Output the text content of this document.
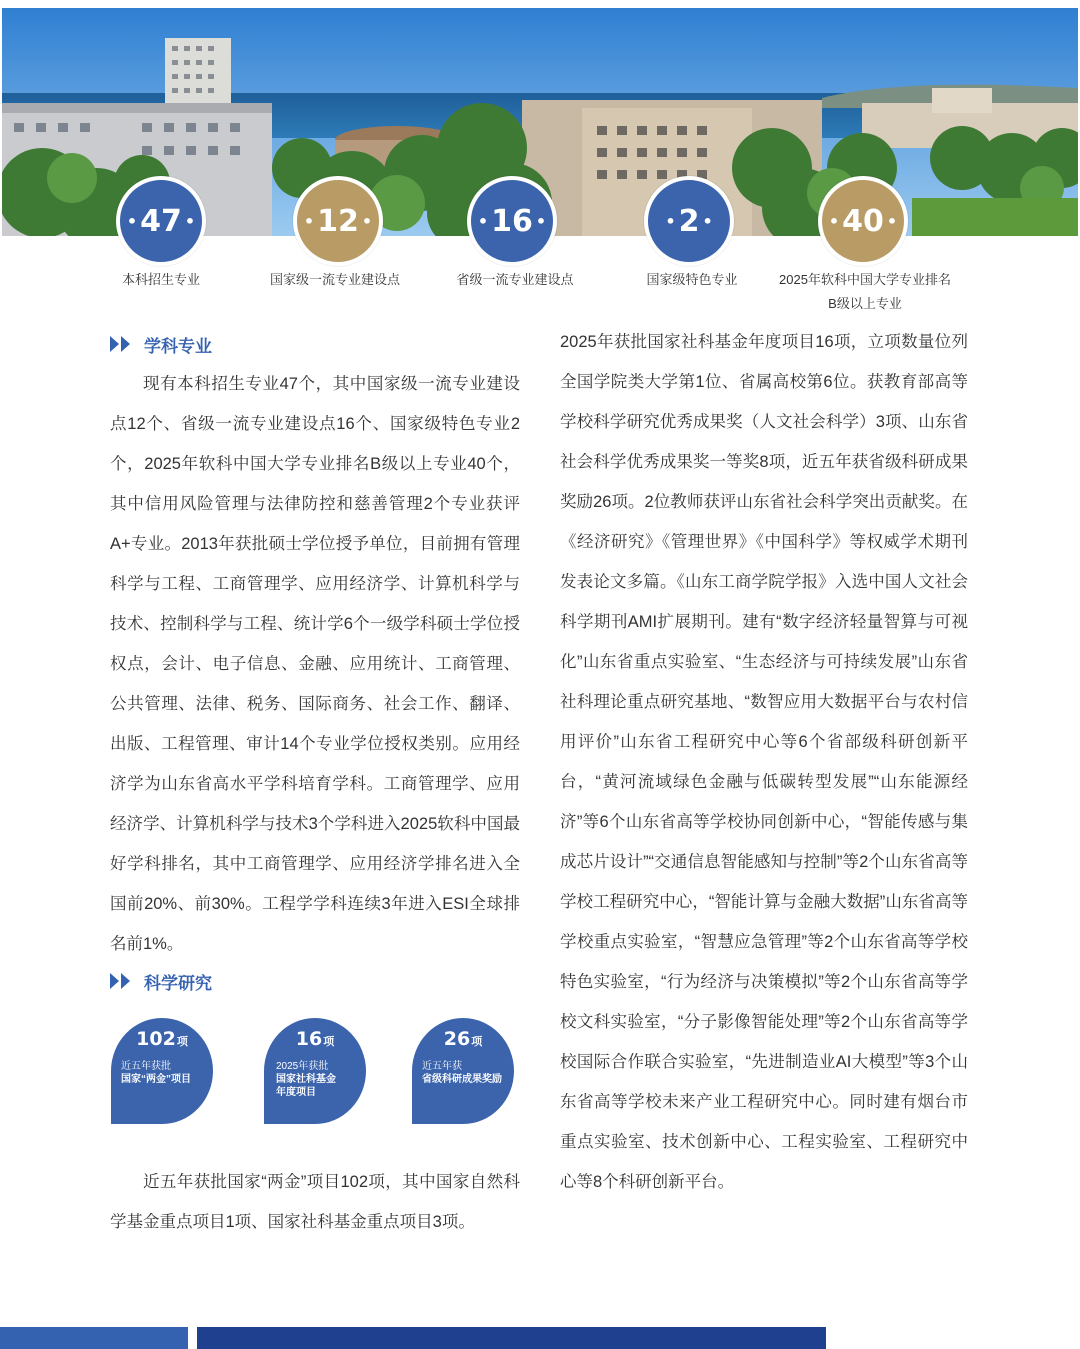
• 47 •
本科招生专业
• 12 •
国家级一流专业建设点
• 16 •
省级一流专业建设点
• 2 •
国家级特色专业
• 40 •
2025年软科中国大学专业排名
B级以上专业
学科专业

现有本科招生专业47个，其中国家级一流专业建设点12个、省级一流专业建设点16个、国家级特色专业2个，2025年软科中国大学专业排名B级以上专业40个，其中信用风险管理与法律防控和慈善管理2个专业获评A+专业。2013年获批硕士学位授予单位，目前拥有管理科学与工程、工商管理学、应用经济学、计算机科学与技术、控制科学与工程、统计学6个一级学科硕士学位授权点，会计、电子信息、金融、应用统计、工商管理、公共管理、法律、税务、国际商务、社会工作、翻译、出版、工程管理、审计14个专业学位授权类别。应用经济学为山东省高水平学科培育学科。工商管理学、应用经济学、计算机科学与技术3个学科进入2025软科中国最好学科排名，其中工商管理学、应用经济学排名进入全国前20%、前30%。工程学学科连续3年进入ESI全球排名前1%。

科学研究
102项
近五年获批
国家“两金”项目
16项
2025年获批
国家社科基金年度项目
26项
近五年获
省级科研成果奖励

近五年获批国家“两金”项目102项，其中国家自然科学基金重点项目1项、国家社科基金重点项目3项。

2025年获批国家社科基金年度项目16项，立项数量位列全国学院类大学第1位、省属高校第6位。获教育部高等学校科学研究优秀成果奖（人文社会科学）3项、山东省社会科学优秀成果奖一等奖8项，近五年获省级科研成果奖励26项。2位教师获评山东省社会科学突出贡献奖。在《经济研究》《管理世界》《中国科学》等权威学术期刊发表论文多篇。《山东工商学院学报》入选中国人文社会科学期刊AMI扩展期刊。建有“数字经济轻量智算与可视化”山东省重点实验室、“生态经济与可持续发展”山东省社科理论重点研究基地、“数智应用大数据平台与农村信用评价”山东省工程研究中心等6个省部级科研创新平台，“黄河流域绿色金融与低碳转型发展”“山东能源经济”等6个山东省高等学校协同创新中心，“智能传感与集成芯片设计”“交通信息智能感知与控制”等2个山东省高等学校工程研究中心，“智能计算与金融大数据”山东省高等学校重点实验室，“智慧应急管理”等2个山东省高等学校特色实验室，“行为经济与决策模拟”等2个山东省高等学校文科实验室，“分子影像智能处理”等2个山东省高等学校国际合作联合实验室，“先进制造业AI大模型”等3个山东省高等学校未来产业工程研究中心。同时建有烟台市重点实验室、技术创新中心、工程实验室、工程研究中心等8个科研创新平台。
